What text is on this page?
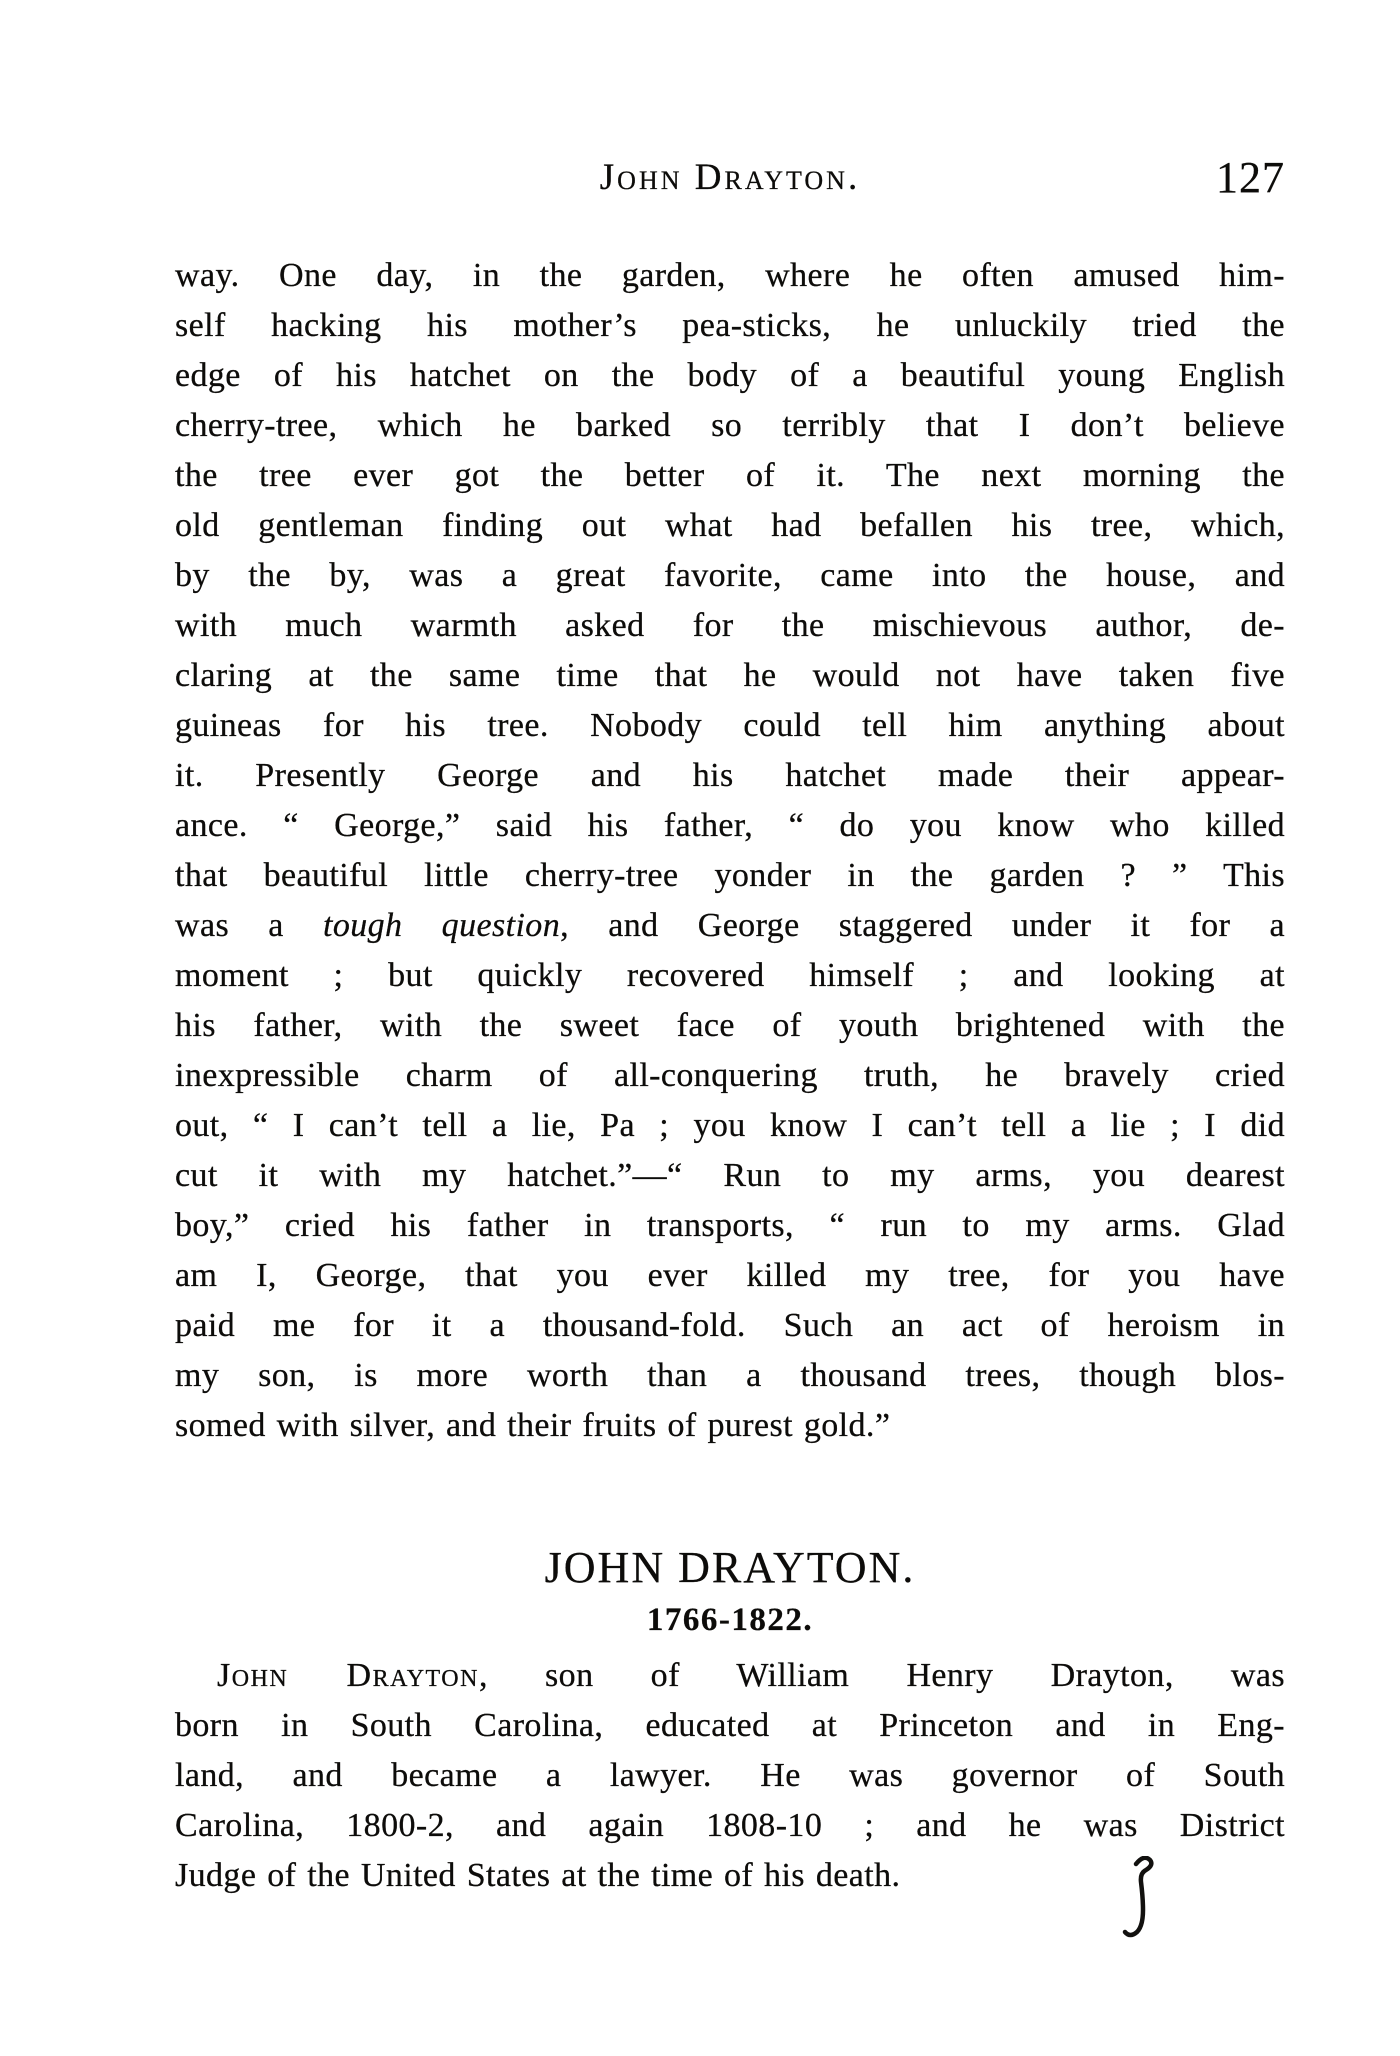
John Drayton.	127
way. One day, in the garden, where he often amused him-
self hacking his mother’s pea-sticks, he unluckily tried the
edge of his hatchet on the body of a beautiful young English
cherry-tree, which he barked so terribly that I don’t believe
the tree ever got the better of it. The next morning the
old gentleman finding out what had befallen his tree, which,
by the by, was a great favorite, came into the house, and
with much warmth asked for the mischievous author, de-
claring at the same time that he would not have taken five
guineas for his tree. Nobody could tell him anything about
it. Presently George and his hatchet made their appear-
ance. “ George,” said his father, “ do you know who killed
that beautiful little cherry-tree yonder in the garden ? ” This
was a tough question, and George staggered under it for a
moment ; but quickly recovered himself ; and looking at
his father, with the sweet face of youth brightened with the
inexpressible charm of all-conquering truth, he bravely cried
out, “ I can’t tell a lie, Pa ; you know I can’t tell a lie ; I did
cut it with my hatchet.”—“ Run to my arms, you dearest
boy,” cried his father in transports, “ run to my arms. Glad
am I, George, that you ever killed my tree, for you have
paid me for it a thousand-fold. Such an act of heroism in
my son, is more worth than a thousand trees, though blos-
somed with silver, and their fruits of purest gold.”
JOHN DRAYTON.
1766-1822.
John Drayton, son of William Henry Drayton, was
born in South Carolina, educated at Princeton and in Eng-
land, and became a lawyer. He was governor of South
Carolina, 1800-2, and again 1808-10 ; and he was District
Judge of the United States at the time of his death.
